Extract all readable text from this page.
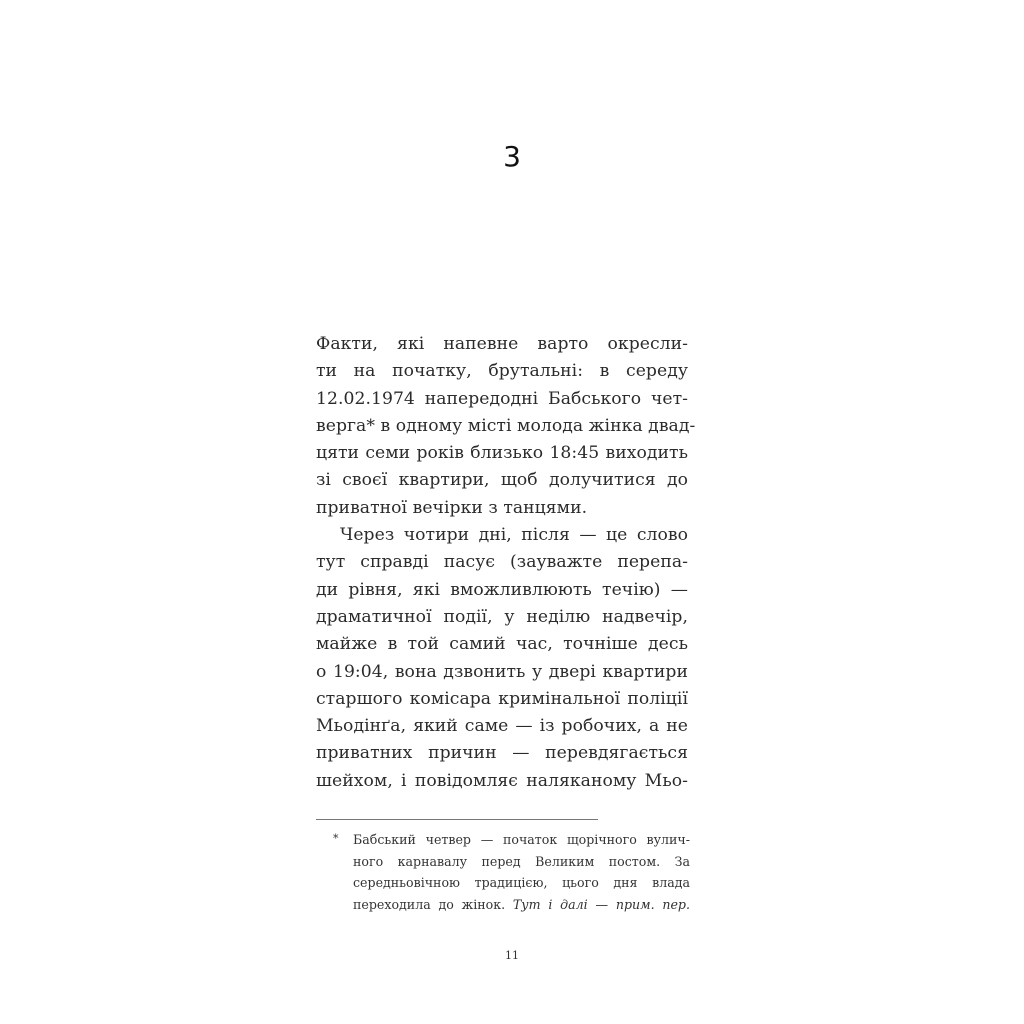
3
Факти, які напевне варто окресли-
ти на початку, брутальні: в середу
12.02.1974 напередодні Бабського чет-
верга* в одному місті молода жінка двад-
цяти семи років близько 18:45 виходить
зі своєї квартири, щоб долучитися до
приватної вечірки з танцями.
Через чотири дні, після — це слово
тут справді пасує (зауважте перепа-
ди рівня, які вможливлюють течію) —
драматичної події, у неділю надвечір,
майже в той самий час, точніше десь
о 19:04, вона дзвонить у двері квартири
старшого комісара кримінальної поліції
Мьодінґа, який саме — із робочих, а не
приватних причин — перевдягається
шейхом, і повідомляє наляканому Мьо-
* Бабський четвер — початок щорічного вулич-
ного карнавалу перед Великим постом. За
середньовічною традицією, цього дня влада
переходила до жінок. Тут і далі — прим. пер.
11
